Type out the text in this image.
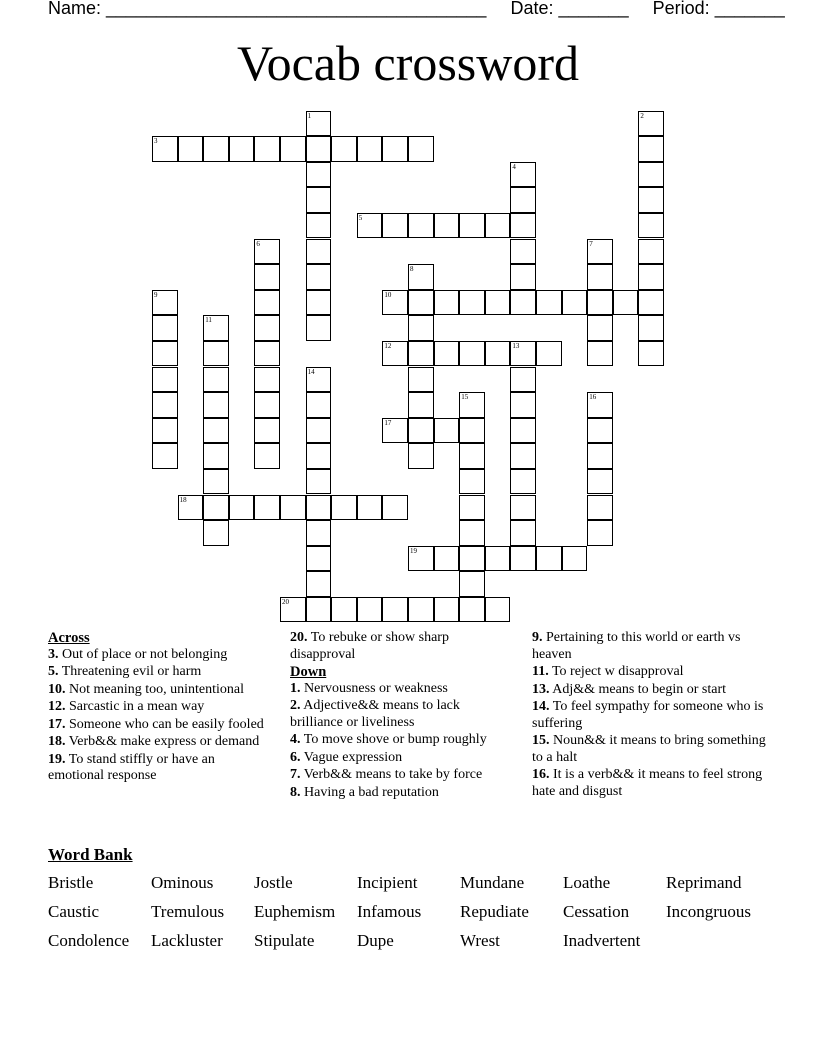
Name: ______________________________________ Date: _______ Period: _______
Vocab crossword
1	2
3
4
5
6	7
8
9	10
11
12	13
14
15	16
17
18
19
20
Across
3. Out of place or not belonging
5. Threatening evil or harm
10. Not meaning too, unintentional
12. Sarcastic in a mean way
17. Someone who can be easily fooled
18. Verb&& make express or demand
19. To stand stiffly or have an emotional response
20. To rebuke or show sharp disapproval
Down
1. Nervousness or weakness
2. Adjective&& means to lack brilliance or liveliness
4. To move shove or bump roughly
6. Vague expression
7. Verb&& means to take by force
8. Having a bad reputation
9. Pertaining to this world or earth vs heaven
11. To reject w disapproval
13. Adj&& means to begin or start
14. To feel sympathy for someone who is suffering
15. Noun&& it means to bring something to a halt
16. It is a verb&& it means to feel strong hate and disgust
Word Bank
Bristle	Ominous	Jostle	Incipient	Mundane	Loathe	Reprimand
Caustic	Tremulous	Euphemism	Infamous	Repudiate	Cessation	Incongruous
Condolence	Lackluster	Stipulate	Dupe	Wrest	Inadvertent
